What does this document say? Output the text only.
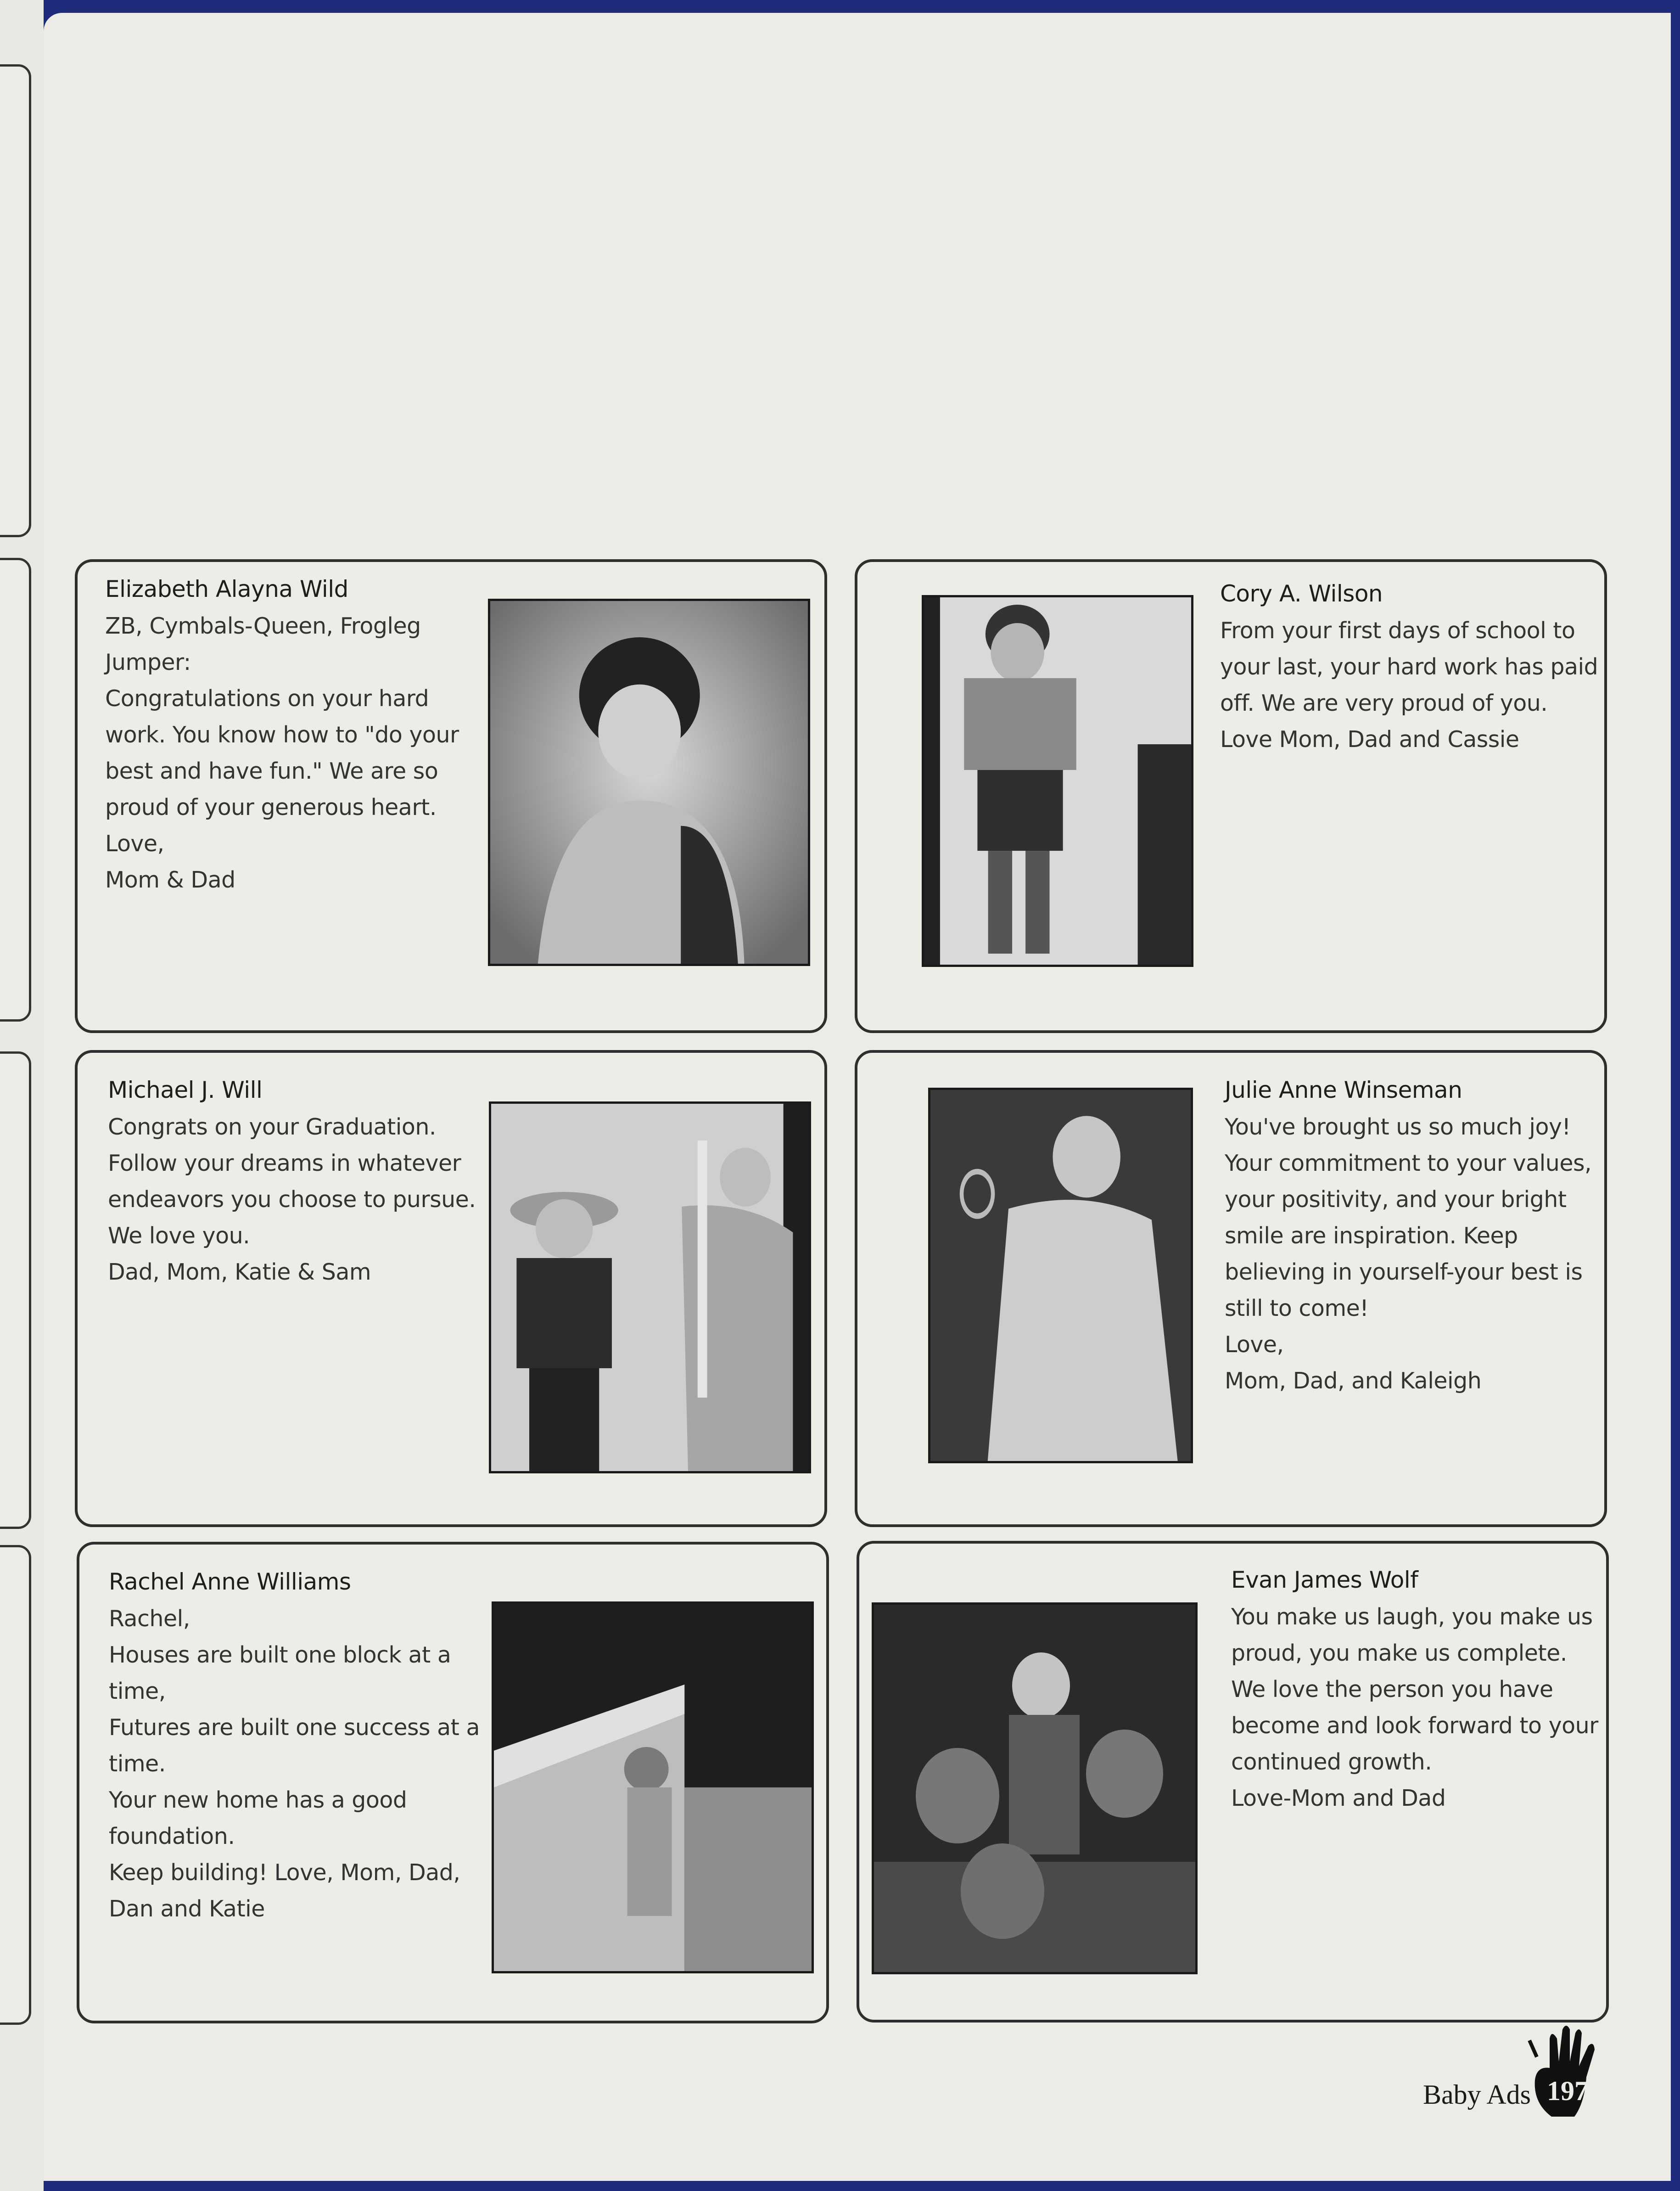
Elizabeth Alayna Wild
ZB, Cymbals-Queen, Frogleg
Jumper:
Congratulations on your hard
work. You know how to "do your
best and have fun." We are so
proud of your generous heart.
Love,
Mom & Dad
Cory A. Wilson
From your first days of school to
your last, your hard work has paid
off. We are very proud of you.
Love Mom, Dad and Cassie
Michael J. Will
Congrats on your Graduation.
Follow your dreams in whatever
endeavors you choose to pursue.
We love you.
Dad, Mom, Katie & Sam
Julie Anne Winseman
You've brought us so much joy!
Your commitment to your values,
your positivity, and your bright
smile are inspiration. Keep
believing in yourself-your best is
still to come!
Love,
Mom, Dad, and Kaleigh
Rachel Anne Williams
Rachel,
Houses are built one block at a
time,
Futures are built one success at a
time.
Your new home has a good
foundation.
Keep building! Love, Mom, Dad,
Dan and Katie
Evan James Wolf
You make us laugh, you make us
proud, you make us complete.
We love the person you have
become and look forward to your
continued growth.
Love-Mom and Dad
Baby Ads 197
